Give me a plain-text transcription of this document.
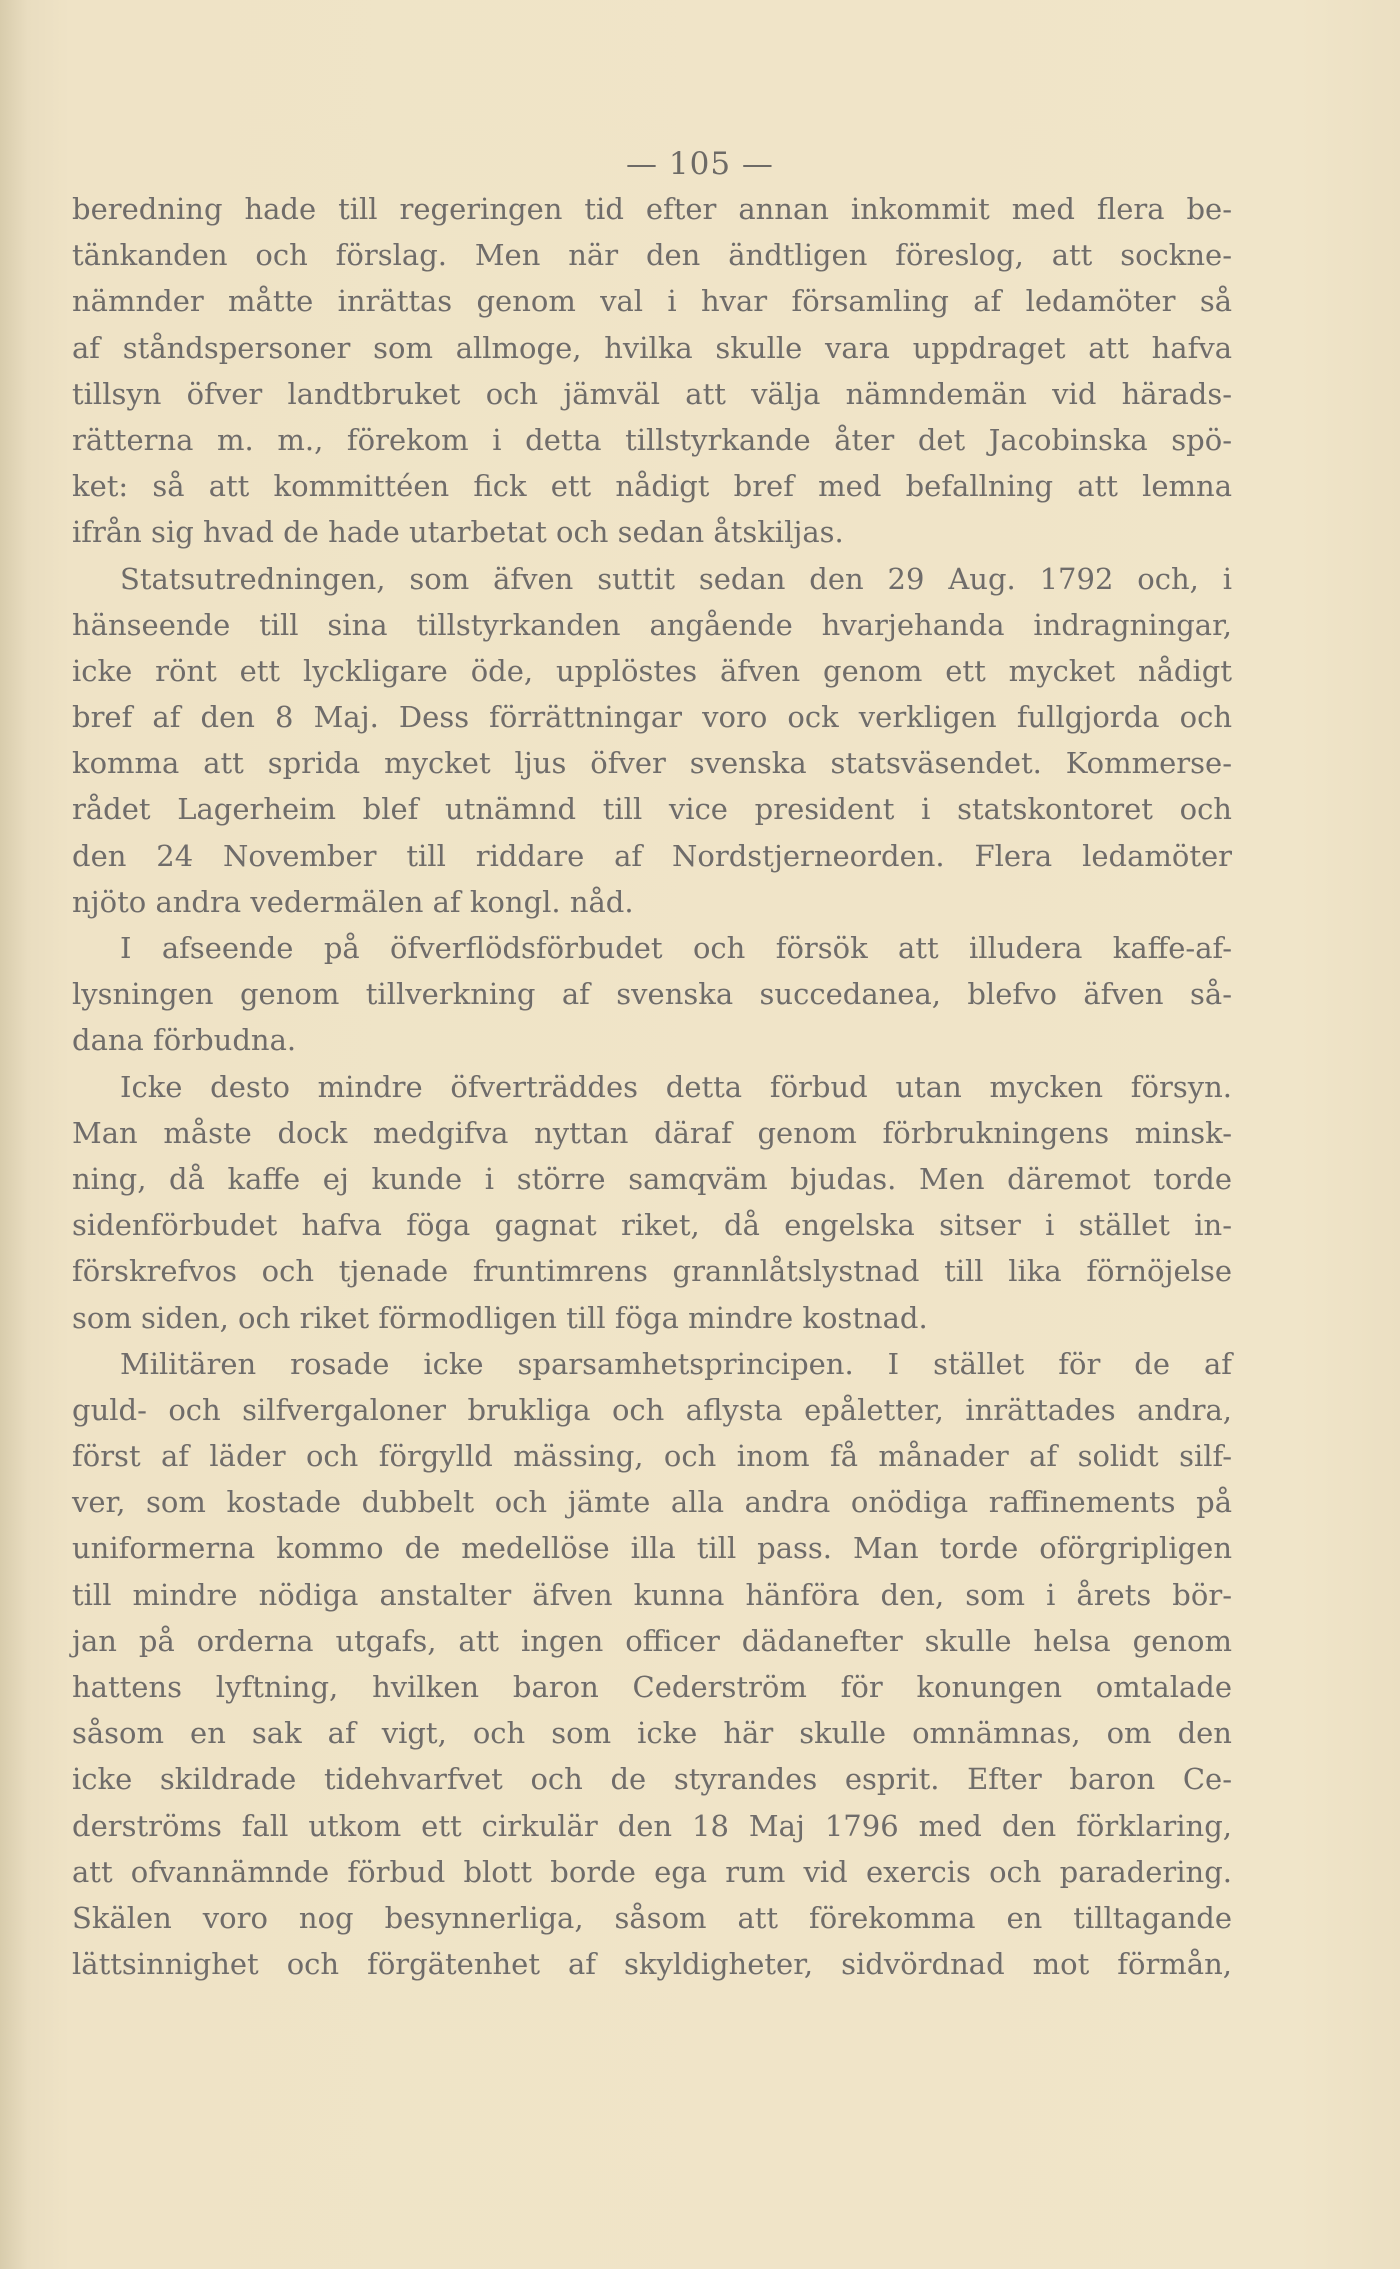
— 105 —
beredning hade till regeringen tid efter annan inkommit med flera be-
tänkanden och förslag. Men när den ändtligen föreslog, att sockne-
nämnder måtte inrättas genom val i hvar församling af ledamöter så
af ståndspersoner som allmoge, hvilka skulle vara uppdraget att hafva
tillsyn öfver landtbruket och jämväl att välja nämndemän vid härads-
rätterna m. m., förekom i detta tillstyrkande åter det Jacobinska spö-
ket: så att kommittéen fick ett nådigt bref med befallning att lemna
ifrån sig hvad de hade utarbetat och sedan åtskiljas.
Statsutredningen, som äfven suttit sedan den 29 Aug. 1792 och, i
hänseende till sina tillstyrkanden angående hvarjehanda indragningar,
icke rönt ett lyckligare öde, upplöstes äfven genom ett mycket nådigt
bref af den 8 Maj. Dess förrättningar voro ock verkligen fullgjorda och
komma att sprida mycket ljus öfver svenska statsväsendet. Kommerse-
rådet Lagerheim blef utnämnd till vice president i statskontoret och
den 24 November till riddare af Nordstjerneorden. Flera ledamöter
njöto andra vedermälen af kongl. nåd.
I afseende på öfverflödsförbudet och försök att illudera kaffe-af-
lysningen genom tillverkning af svenska succedanea, blefvo äfven så-
dana förbudna.
Icke desto mindre öfverträddes detta förbud utan mycken försyn.
Man måste dock medgifva nyttan däraf genom förbrukningens minsk-
ning, då kaffe ej kunde i större samqväm bjudas. Men däremot torde
sidenförbudet hafva föga gagnat riket, då engelska sitser i stället in-
förskrefvos och tjenade fruntimrens grannlåtslystnad till lika förnöjelse
som siden, och riket förmodligen till föga mindre kostnad.
Militären rosade icke sparsamhetsprincipen. I stället för de af
guld- och silfvergaloner brukliga och aflysta epåletter, inrättades andra,
först af läder och förgylld mässing, och inom få månader af solidt silf-
ver, som kostade dubbelt och jämte alla andra onödiga raffinements på
uniformerna kommo de medellöse illa till pass. Man torde oförgripligen
till mindre nödiga anstalter äfven kunna hänföra den, som i årets bör-
jan på orderna utgafs, att ingen officer dädanefter skulle helsa genom
hattens lyftning, hvilken baron Cederström för konungen omtalade
såsom en sak af vigt, och som icke här skulle omnämnas, om den
icke skildrade tidehvarfvet och de styrandes esprit. Efter baron Ce-
derströms fall utkom ett cirkulär den 18 Maj 1796 med den förklaring,
att ofvannämnde förbud blott borde ega rum vid exercis och paradering.
Skälen voro nog besynnerliga, såsom att förekomma en tilltagande
lättsinnighet och förgätenhet af skyldigheter, sidvördnad mot förmån,
